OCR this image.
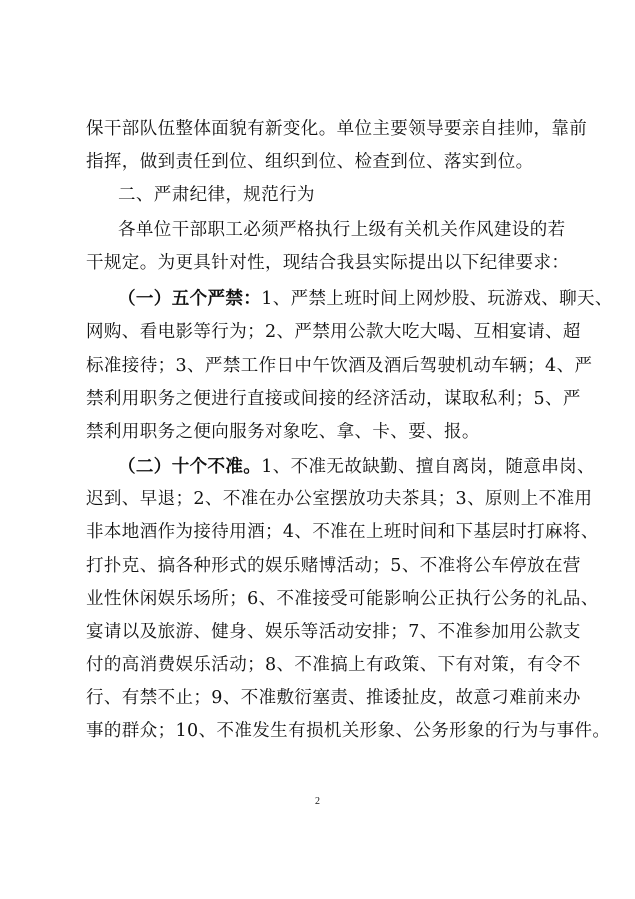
保干部队伍整体面貌有新变化。单位主要领导要亲自挂帅，靠前
指挥，做到责任到位、组织到位、检查到位、落实到位。
二、严肃纪律，规范行为
各单位干部职工必须严格执行上级有关机关作风建设的若
干规定。为更具针对性，现结合我县实际提出以下纪律要求：
（一）五个严禁：1、严禁上班时间上网炒股、玩游戏、聊天、
网购、看电影等行为；2、严禁用公款大吃大喝、互相宴请、超
标准接待；3、严禁工作日中午饮酒及酒后驾驶机动车辆；4、严
禁利用职务之便进行直接或间接的经济活动，谋取私利；5、严
禁利用职务之便向服务对象吃、拿、卡、要、报。
（二）十个不准。1、不准无故缺勤、擅自离岗，随意串岗、
迟到、早退；2、不准在办公室摆放功夫茶具；3、原则上不准用
非本地酒作为接待用酒；4、不准在上班时间和下基层时打麻将、
打扑克、搞各种形式的娱乐赌博活动；5、不准将公车停放在营
业性休闲娱乐场所；6、不准接受可能影响公正执行公务的礼品、
宴请以及旅游、健身、娱乐等活动安排；7、不准参加用公款支
付的高消费娱乐活动；8、不准搞上有政策、下有对策，有令不
行、有禁不止；9、不准敷衍塞责、推诿扯皮，故意刁难前来办
事的群众；10、不准发生有损机关形象、公务形象的行为与事件。
2
